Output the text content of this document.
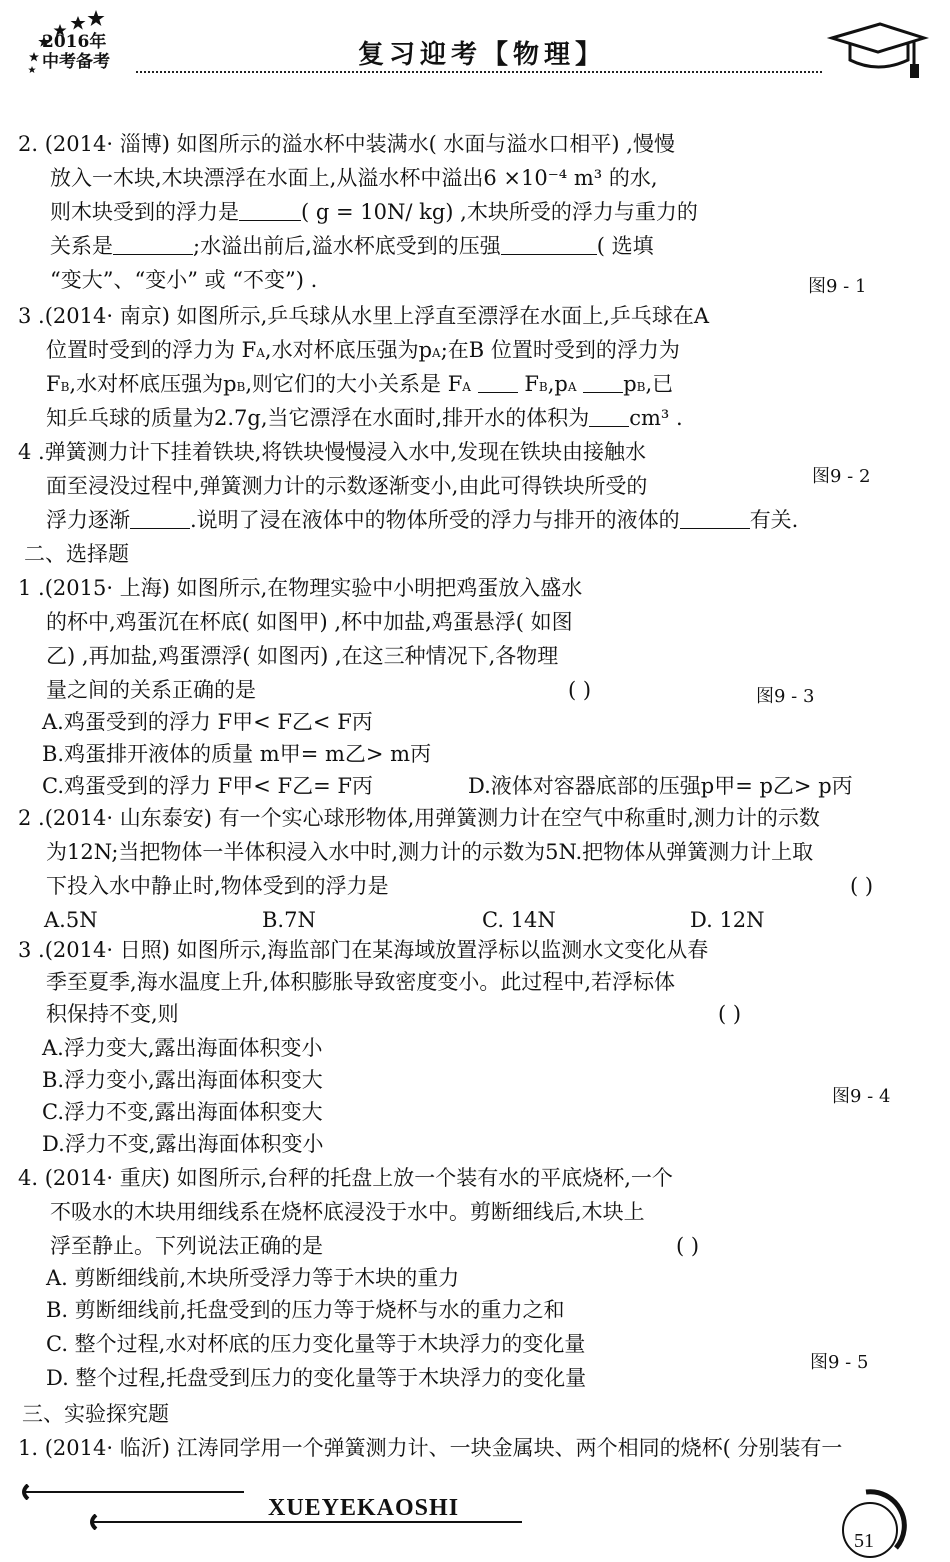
2016年
中考备考	复习迎考【物理】
2. (2014· 淄博) 如图所示的溢水杯中装满水( 水面与溢水口相平) ,慢慢
放入一木块,木块漂浮在水面上,从溢水杯中溢出6 ×10⁻⁴ m³ 的水,
则木块受到的浮力是	( g = 10N/ kg) ,木块所受的浮力与重力的
关系是	;水溢出前后,溢水杯底受到的压强	( 选填
“变大”、“变小” 或 “不变”) .	图9 - 1
3 .(2014· 南京) 如图所示,乒乓球从水里上浮直至漂浮在水面上,乒乓球在A
位置时受到的浮力为 FA,水对杯底压强为pA;在B 位置时受到的浮力为
FB,水对杯底压强为pB,则它们的大小关系是 FA	FB,pA pB,已
知乒乓球的质量为2.7g,当它漂浮在水面时,排开水的体积为 cm³ .
图9 - 2
4 .弹簧测力计下挂着铁块,将铁块慢慢浸入水中,发现在铁块由接触水
面至浸没过程中,弹簧测力计的示数逐渐变小,由此可得铁块所受的
浮力逐渐	.说明了浸在液体中的物体所受的浮力与排开的液体的	有关.
二、选择题
1 .(2015· 上海) 如图所示,在物理实验中小明把鸡蛋放入盛水
的杯中,鸡蛋沉在杯底( 如图甲) ,杯中加盐,鸡蛋悬浮( 如图
乙) ,再加盐,鸡蛋漂浮( 如图丙) ,在这三种情况下,各物理
量之间的关系正确的是	( )	图9 - 3
A.鸡蛋受到的浮力 F甲< F乙< F丙
B.鸡蛋排开液体的质量 m甲= m乙> m丙
C.鸡蛋受到的浮力 F甲< F乙= F丙	D.液体对容器底部的压强p甲= p乙> p丙
2 .(2014· 山东泰安) 有一个实心球形物体,用弹簧测力计在空气中称重时,测力计的示数
为12N;当把物体一半体积浸入水中时,测力计的示数为5N.把物体从弹簧测力计上取
下投入水中静止时,物体受到的浮力是	( )
A.5N	B.7N	C. 14N	D. 12N
3 .(2014· 日照) 如图所示,海监部门在某海域放置浮标以监测水文变化从春
季至夏季,海水温度上升,体积膨胀导致密度变小。此过程中,若浮标体
积保持不变,则	( )
A.浮力变大,露出海面体积变小
B.浮力变小,露出海面体积变大
C.浮力不变,露出海面体积变大
D.浮力不变,露出海面体积变小
图9 - 4
4. (2014· 重庆) 如图所示,台秤的托盘上放一个装有水的平底烧杯,一个
不吸水的木块用细线系在烧杯底浸没于水中。剪断细线后,木块上
浮至静止。下列说法正确的是	( )
A. 剪断细线前,木块所受浮力等于木块的重力
B. 剪断细线前,托盘受到的压力等于烧杯与水的重力之和
C. 整个过程,水对杯底的压力变化量等于木块浮力的变化量
D. 整个过程,托盘受到压力的变化量等于木块浮力的变化量
图9 - 5
三、实验探究题
1. (2014· 临沂) 江涛同学用一个弹簧测力计、一块金属块、两个相同的烧杯( 分别装有一
XUEYEKAOSHI
51
